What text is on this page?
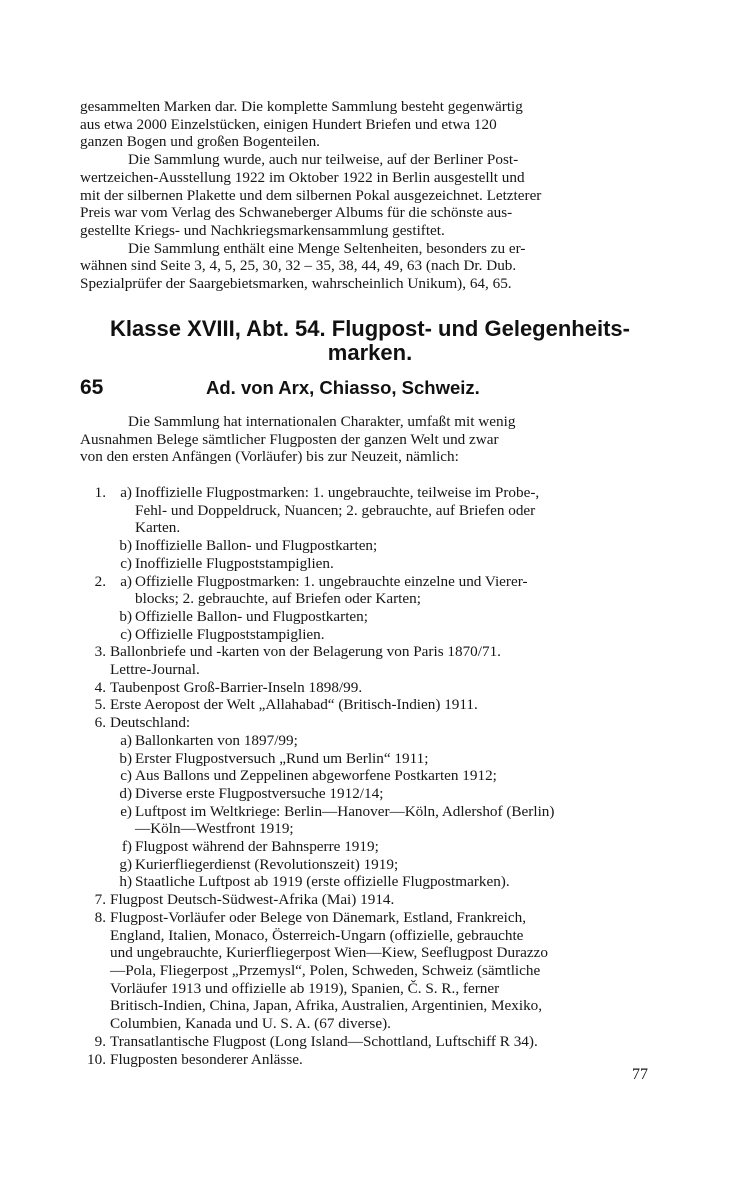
gesammelten Marken dar. Die komplette Sammlung besteht gegenwärtig
aus etwa 2000 Einzelstücken, einigen Hundert Briefen und etwa 120
ganzen Bogen und großen Bogenteilen.

Die Sammlung wurde, auch nur teilweise, auf der Berliner Post-
wertzeichen-Ausstellung 1922 im Oktober 1922 in Berlin ausgestellt und
mit der silbernen Plakette und dem silbernen Pokal ausgezeichnet. Letzterer
Preis war vom Verlag des Schwaneberger Albums für die schönste aus-
gestellte Kriegs- und Nachkriegsmarkensammlung gestiftet.

Die Sammlung enthält eine Menge Seltenheiten, besonders zu er-
wähnen sind Seite 3, 4, 5, 25, 30, 32 – 35, 38, 44, 49, 63 (nach Dr. Dub.
Spezialprüfer der Saargebietsmarken, wahrscheinlich Unikum), 64, 65.

Klasse XVIII, Abt. 54. Flugpost- und Gelegenheits-
marken.
65	Ad. von Arx, Chiasso, Schweiz.

Die Sammlung hat internationalen Charakter, umfaßt mit wenig
Ausnahmen Belege sämtlicher Flugposten der ganzen Welt und zwar
von den ersten Anfängen (Vorläufer) bis zur Neuzeit, nämlich:

1. a) Inoffizielle Flugpostmarken: 1. ungebrauchte, teilweise im Probe-,
Fehl- und Doppeldruck, Nuancen; 2. gebrauchte, auf Briefen oder
Karten.
b) Inoffizielle Ballon- und Flugpostkarten;
c) Inoffizielle Flugpoststampiglien.
2. a) Offizielle Flugpostmarken: 1. ungebrauchte einzelne und Vierer-
blocks; 2. gebrauchte, auf Briefen oder Karten;
b) Offizielle Ballon- und Flugpostkarten;
c) Offizielle Flugpoststampiglien.
3. Ballonbriefe und -karten von der Belagerung von Paris 1870/71.
Lettre-Journal.
4. Taubenpost Groß-Barrier-Inseln 1898/99.
5. Erste Aeropost der Welt „Allahabad“ (Britisch-Indien) 1911.
6. Deutschland:
a) Ballonkarten von 1897/99;
b) Erster Flugpostversuch „Rund um Berlin“ 1911;
c) Aus Ballons und Zeppelinen abgeworfene Postkarten 1912;
d) Diverse erste Flugpostversuche 1912/14;
e) Luftpost im Weltkriege: Berlin—Hanover—Köln, Adlershof (Berlin)
—Köln—Westfront 1919;
f) Flugpost während der Bahnsperre 1919;
g) Kurierfliegerdienst (Revolutionszeit) 1919;
h) Staatliche Luftpost ab 1919 (erste offizielle Flugpostmarken).
7. Flugpost Deutsch-Südwest-Afrika (Mai) 1914.
8. Flugpost-Vorläufer oder Belege von Dänemark, Estland, Frankreich,
England, Italien, Monaco, Österreich-Ungarn (offizielle, gebrauchte
und ungebrauchte, Kurierfliegerpost Wien—Kiew, Seeflugpost Durazzo
—Pola, Fliegerpost „Przemysl“, Polen, Schweden, Schweiz (sämtliche
Vorläufer 1913 und offizielle ab 1919), Spanien, Č. S. R., ferner
Britisch-Indien, China, Japan, Afrika, Australien, Argentinien, Mexiko,
Columbien, Kanada und U. S. A. (67 diverse).
9. Transatlantische Flugpost (Long Island—Schottland, Luftschiff R 34).
10. Flugposten besonderer Anlässe.
77
